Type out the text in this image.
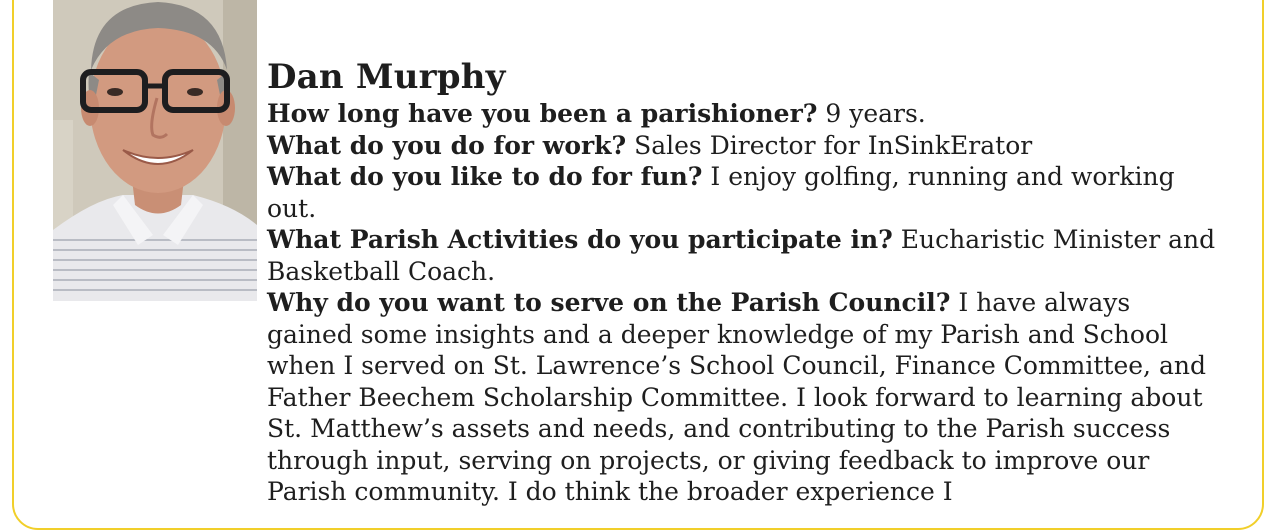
Dan Murphy

How long have you been a parishioner? 9 years.

What do you do for work? Sales Director for InSinkErator

What do you like to do for fun? I enjoy golfing, running and working out.

What Parish Activities do you participate in? Eucharistic Minister and Basketball Coach.

Why do you want to serve on the Parish Council? I have always gained some insights and a deeper knowledge of my Parish and School when I served on St. Lawrence’s School Council, Finance Committee, and Father Beechem Scholarship Committee. I look forward to learning about St. Matthew’s assets and needs, and contributing to the Parish success through input, serving on projects, or giving feedback to improve our Parish community. I do think the broader experience I
